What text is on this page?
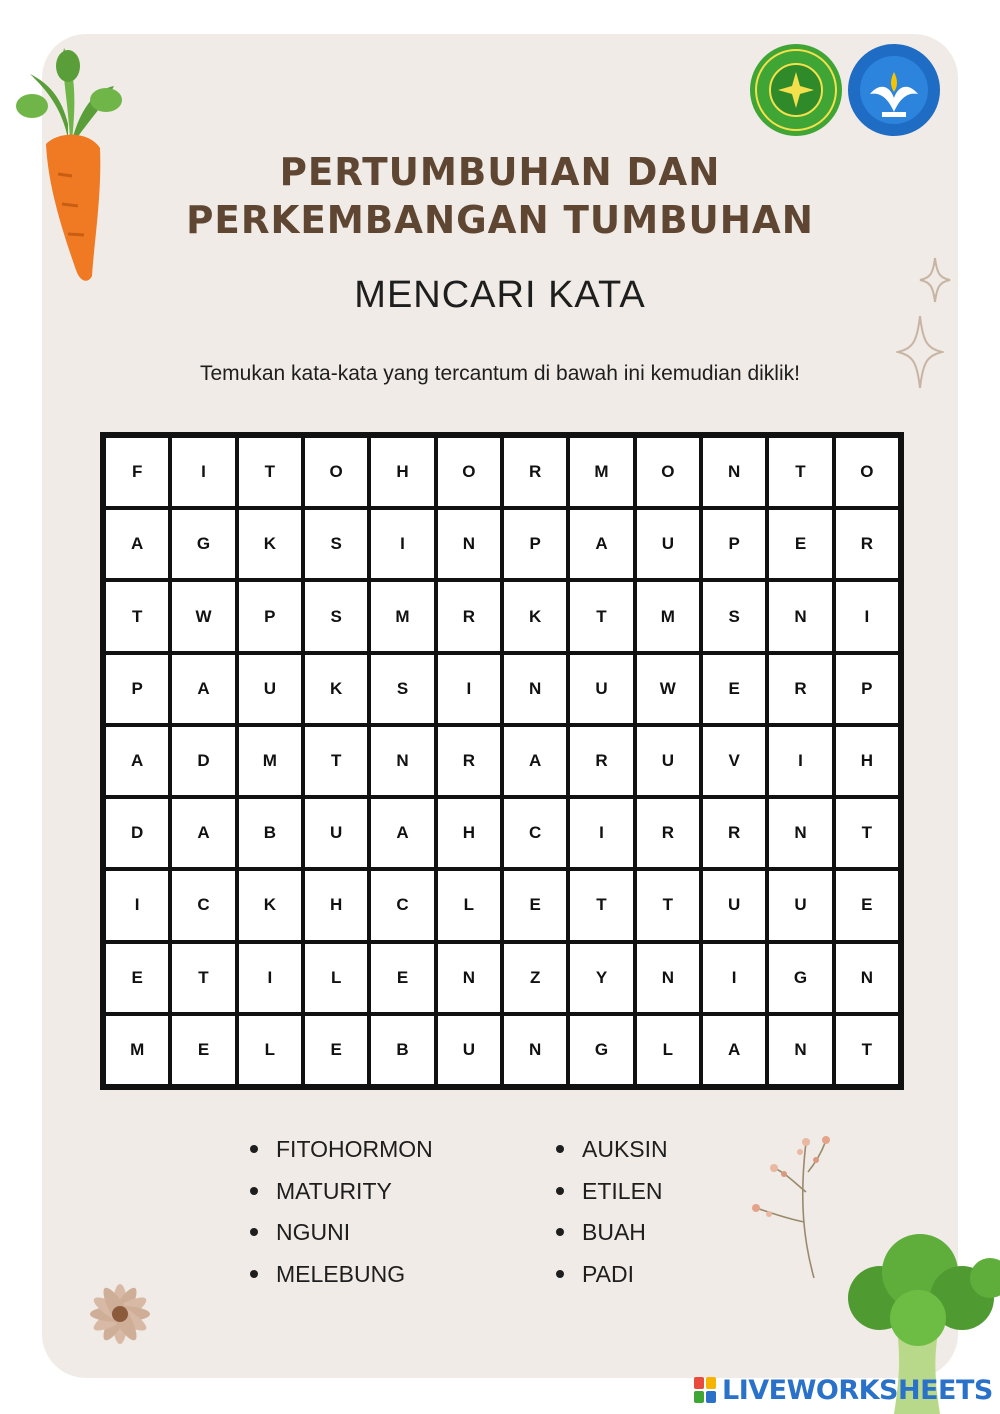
PERTUMBUHAN DAN
PERKEMBANGAN TUMBUHAN
MENCARI KATA
Temukan kata-kata yang tercantum di bawah ini kemudian diklik!
F	I	T	O	H	O	R	M	O	N	T	O
A	G	K	S	I	N	P	A	U	P	E	R
T	W	P	S	M	R	K	T	M	S	N	I
P	A	U	K	S	I	N	U	W	E	R	P
A	D	M	T	N	R	A	R	U	V	I	H
D	A	B	U	A	H	C	I	R	R	N	T
I	C	K	H	C	L	E	T	T	U	U	E
E	T	I	L	E	N	Z	Y	N	I	G	N
M	E	L	E	B	U	N	G	L	A	N	T
FITOHORMON
MATURITY
NGUNI
MELEBUNG
AUKSIN
ETILEN
BUAH
PADI
LIVEWORKSHEETS
